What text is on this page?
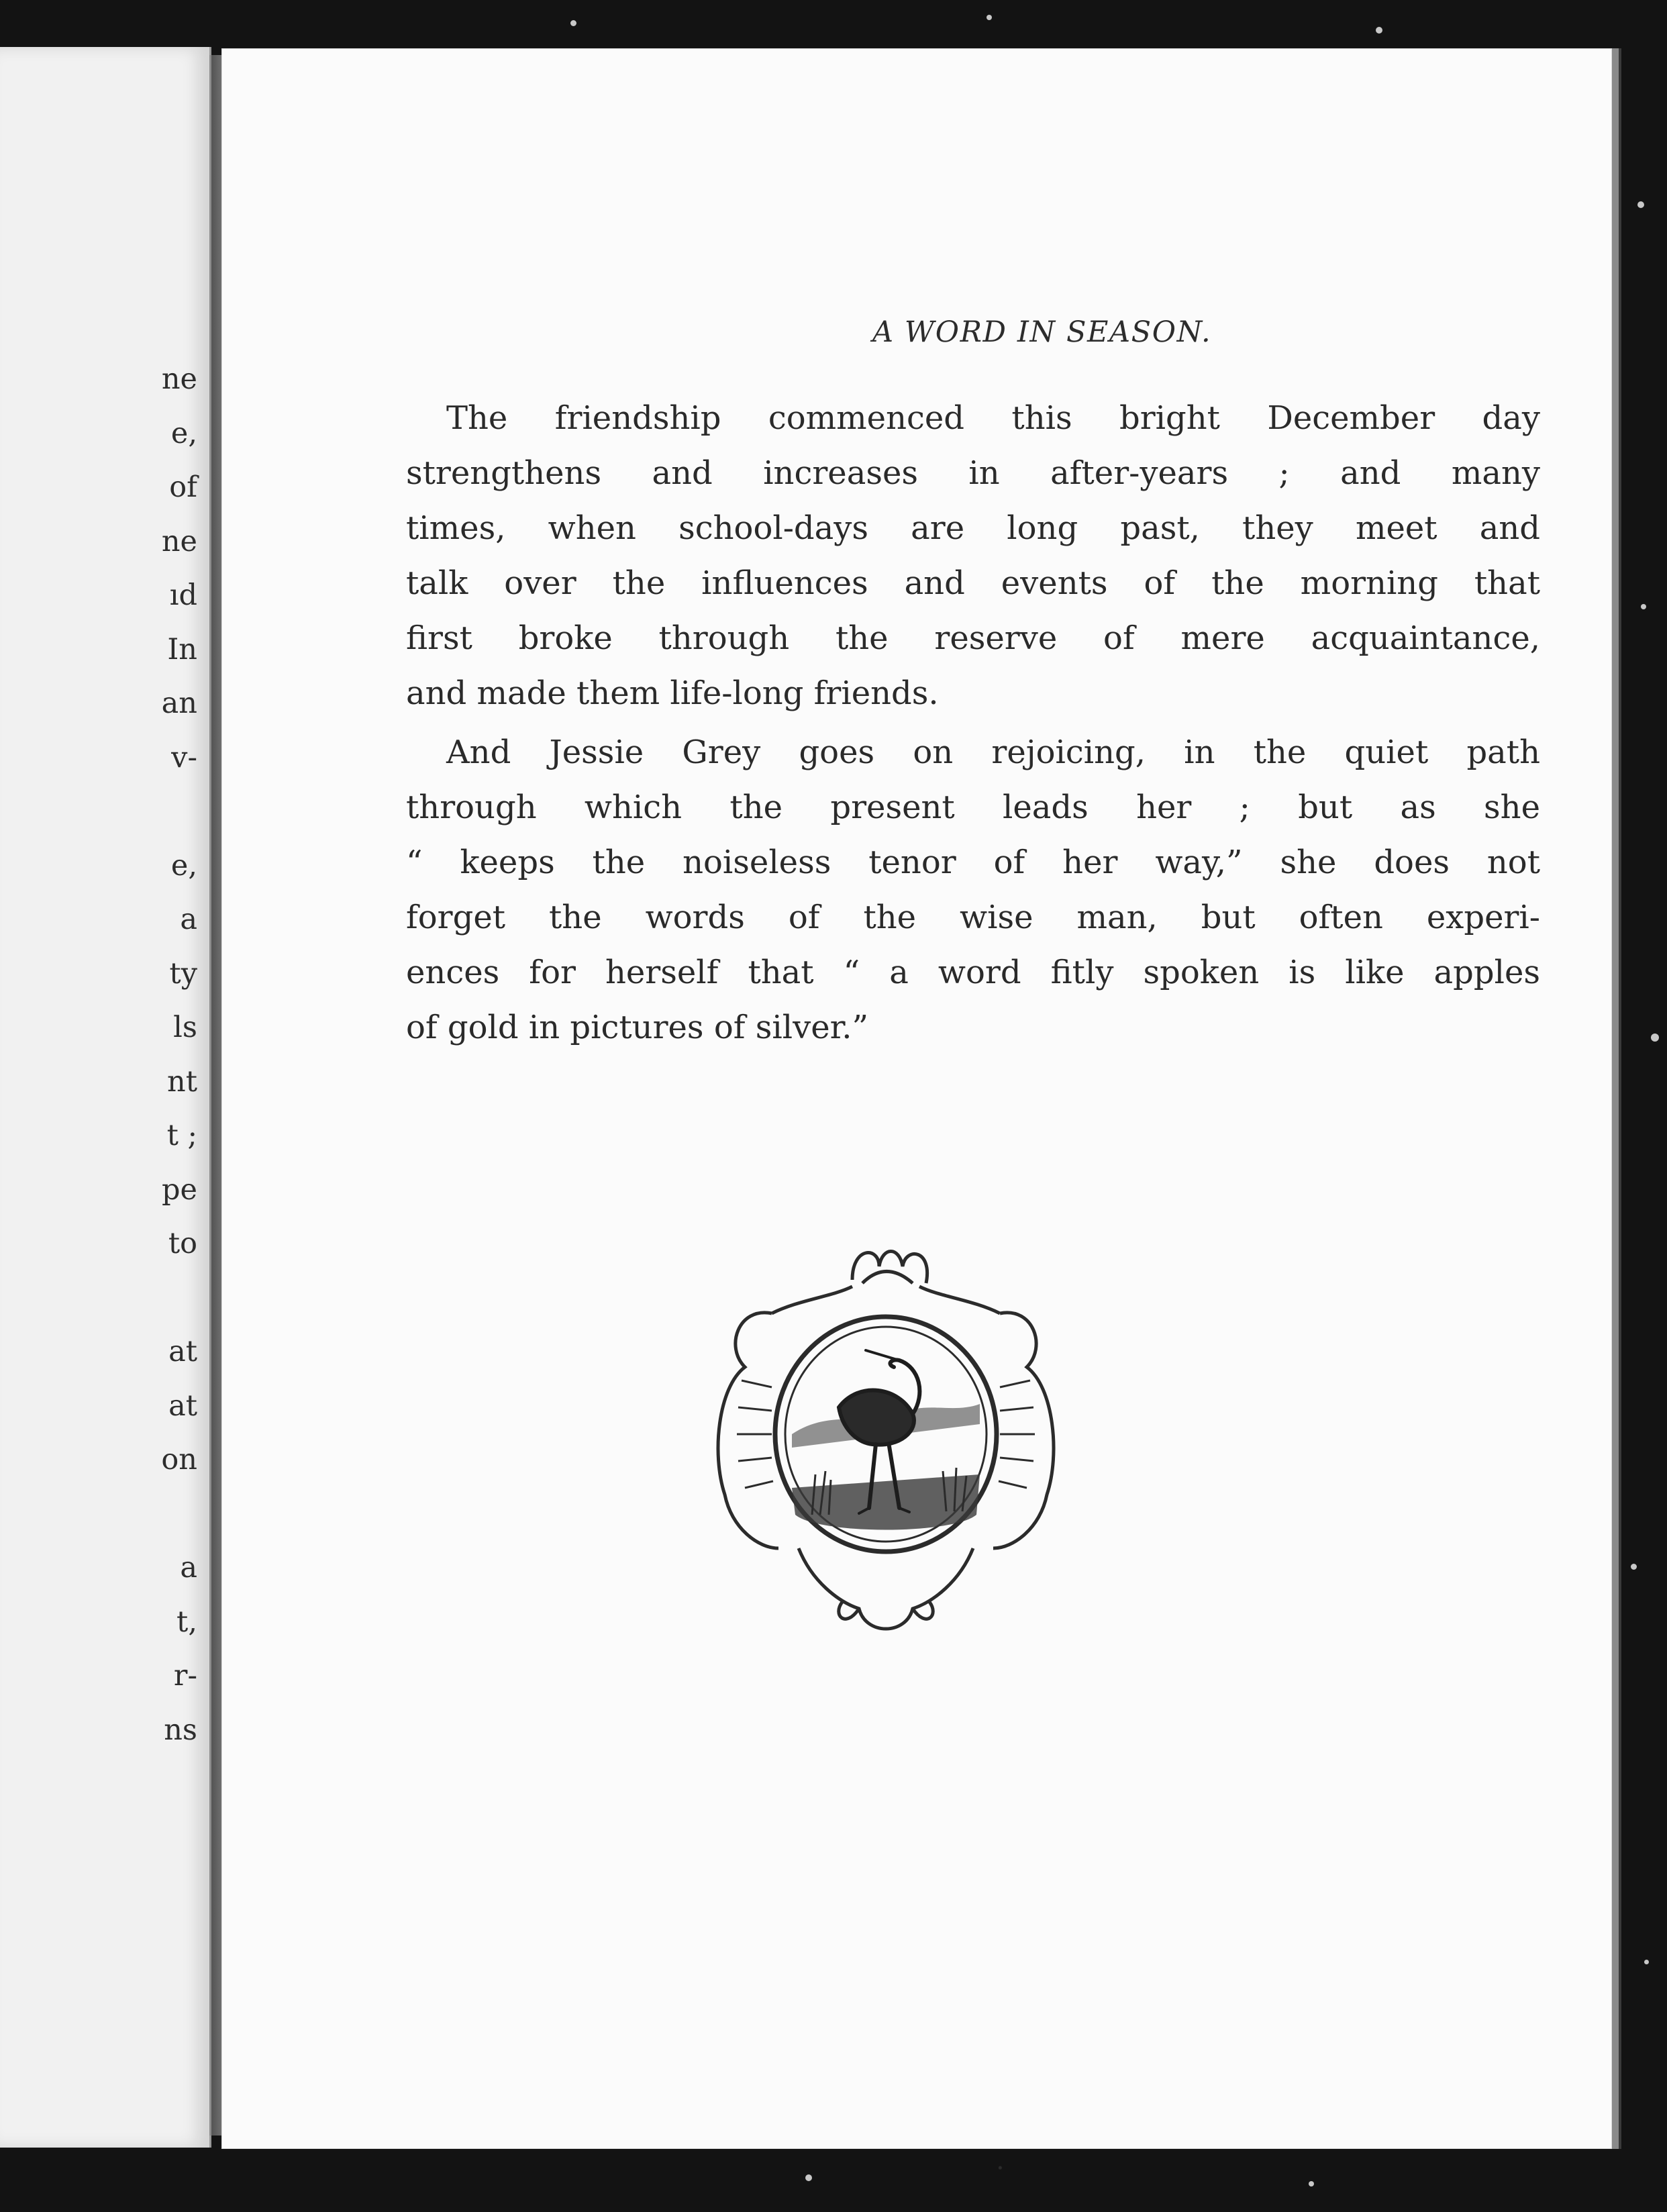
ne
e,
of
ne
ıd
In
an
v-
e,
a
ty
ls
nt
t ;
pe
to
at
at
on
a
t,
r-
ns
A WORD IN SEASON.
The friendship commenced this bright December day
strengthens and increases in after-years ; and many
times, when school-days are long past, they meet and
talk over the influences and events of the morning that
first broke through the reserve of mere acquaintance,
and made them life-long friends.
And Jessie Grey goes on rejoicing, in the quiet path
through which the present leads her ; but as she
“ keeps the noiseless tenor of her way,” she does not
forget the words of the wise man, but often experi-
ences for herself that “ a word fitly spoken is like apples
of gold in pictures of silver.”
